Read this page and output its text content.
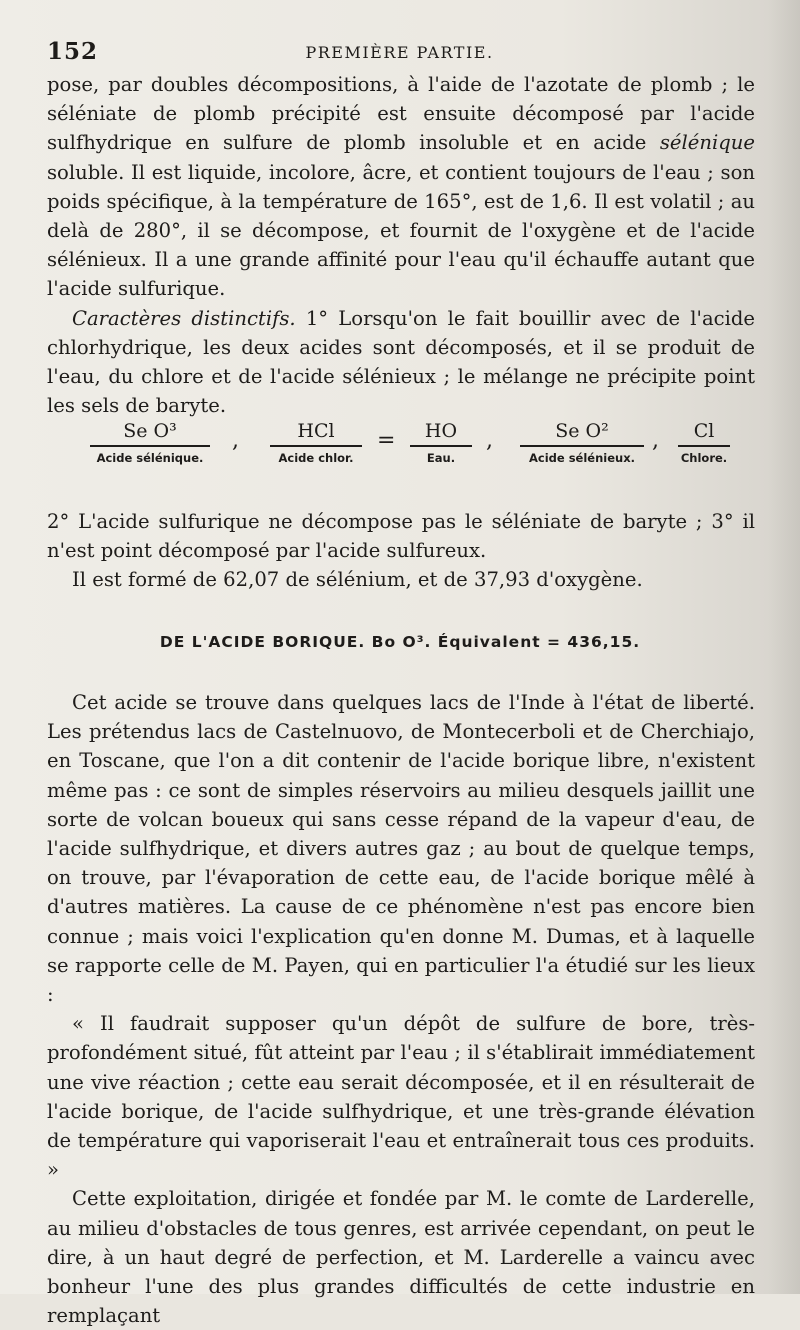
152	PREMIÈRE PARTIE.

pose, par doubles décompositions, à l'aide de l'azotate de plomb ; le séléniate de plomb précipité est ensuite décomposé par l'acide sulfhydrique en sulfure de plomb insoluble et en acide sélénique soluble. Il est liquide, incolore, âcre, et contient toujours de l'eau ; son poids spécifique, à la température de 165°, est de 1,6. Il est volatil ; au delà de 280°, il se décompose, et fournit de l'oxygène et de l'acide sélénieux. Il a une grande affinité pour l'eau qu'il échauffe autant que l'acide sulfurique.

Caractères distinctifs. 1° Lorsqu'on le fait bouillir avec de l'acide chlorhydrique, les deux acides sont décomposés, et il se produit de l'eau, du chlore et de l'acide sélénieux ; le mélange ne précipite point les sels de baryte.

Se O³
Acide sélénique.
,	HCl
Acide chlor.
=	HO
Eau.
,	Se O²
Acide sélénieux.
,	Cl
Chlore.

2° L'acide sulfurique ne décompose pas le séléniate de baryte ; 3° il n'est point décomposé par l'acide sulfureux.

Il est formé de 62,07 de sélénium, et de 37,93 d'oxygène.

DE L'ACIDE BORIQUE. Bo O³. Équivalent = 436,15.

Cet acide se trouve dans quelques lacs de l'Inde à l'état de liberté. Les prétendus lacs de Castelnuovo, de Montecerboli et de Cherchiajo, en Toscane, que l'on a dit contenir de l'acide borique libre, n'existent même pas : ce sont de simples réservoirs au milieu desquels jaillit une sorte de volcan boueux qui sans cesse répand de la vapeur d'eau, de l'acide sulfhydrique, et divers autres gaz ; au bout de quelque temps, on trouve, par l'évaporation de cette eau, de l'acide borique mêlé à d'autres matières. La cause de ce phénomène n'est pas encore bien connue ; mais voici l'explication qu'en donne M. Dumas, et à laquelle se rapporte celle de M. Payen, qui en particulier l'a étudié sur les lieux :

« Il faudrait supposer qu'un dépôt de sulfure de bore, très-profondément situé, fût atteint par l'eau ; il s'établirait immédiatement une vive réaction ; cette eau serait décomposée, et il en résulterait de l'acide borique, de l'acide sulfhydrique, et une très-grande élévation de température qui vaporiserait l'eau et entraînerait tous ces produits. »

Cette exploitation, dirigée et fondée par M. le comte de Larderelle, au milieu d'obstacles de tous genres, est arrivée cependant, on peut le dire, à un haut degré de perfection, et M. Larderelle a vaincu avec bonheur l'une des plus grandes difficultés de cette industrie en remplaçant
